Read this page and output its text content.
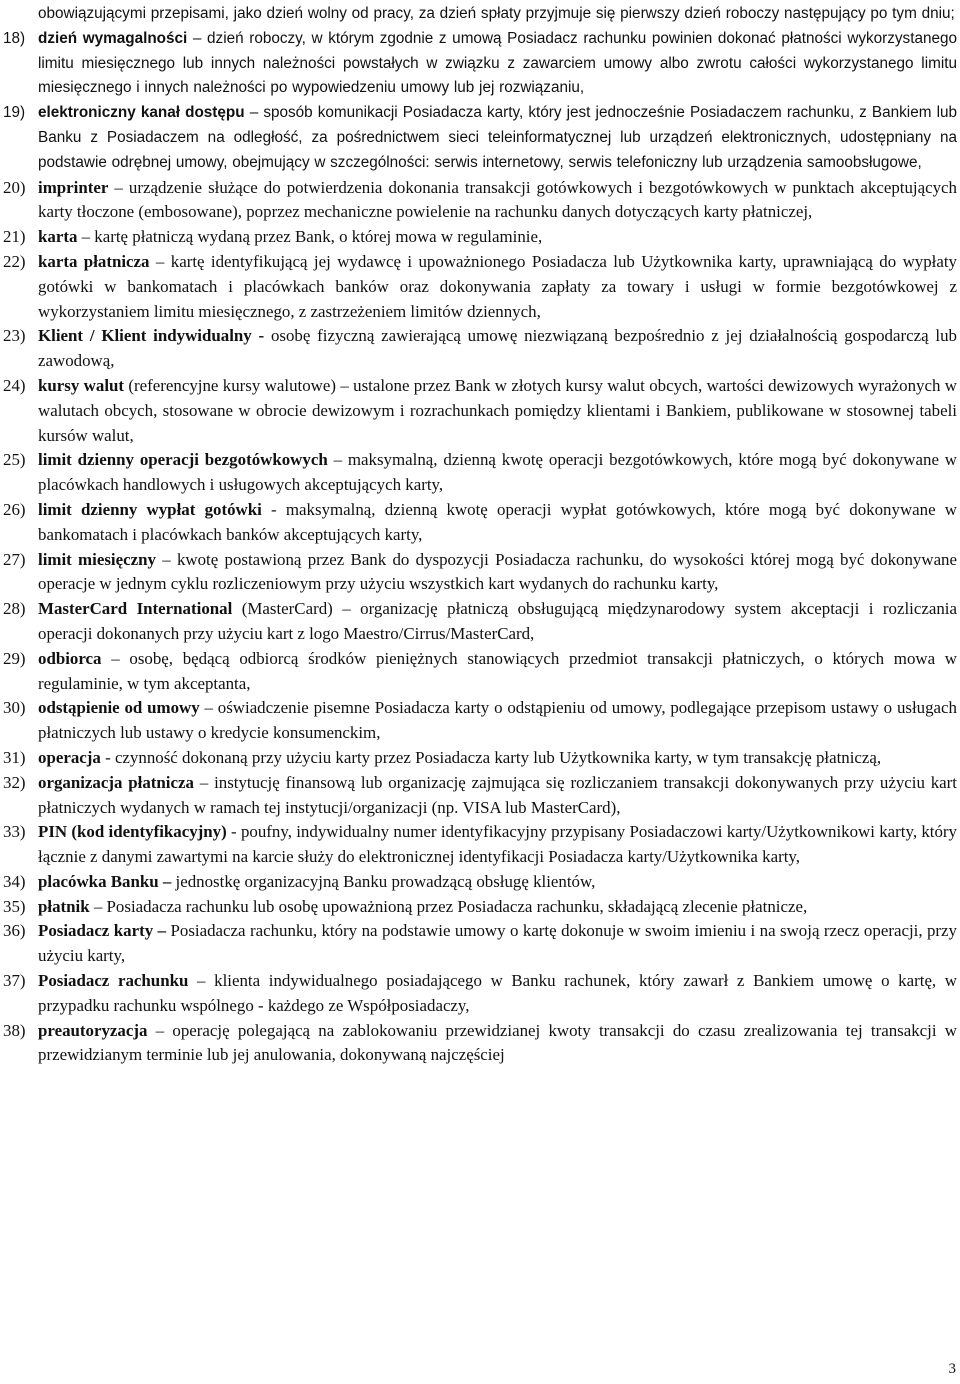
obowiązującymi przepisami, jako dzień wolny od pracy, za dzień spłaty przyjmuje się pierwszy dzień roboczy następujący po tym dniu;
18) dzień wymagalności – dzień roboczy, w którym zgodnie z umową Posiadacz rachunku powinien dokonać płatności wykorzystanego limitu miesięcznego lub innych należności powstałych w związku z zawarciem umowy albo zwrotu całości wykorzystanego limitu miesięcznego i innych należności po wypowiedzeniu umowy lub jej rozwiązaniu,
19) elektroniczny kanał dostępu – sposób komunikacji Posiadacza karty, który jest jednocześnie Posiadaczem rachunku, z Bankiem lub Banku z Posiadaczem na odległość, za pośrednictwem sieci teleinformatycznej lub urządzeń elektronicznych, udostępniany na podstawie odrębnej umowy, obejmujący w szczególności: serwis internetowy, serwis telefoniczny lub urządzenia samoobsługowe,
20) imprinter – urządzenie służące do potwierdzenia dokonania transakcji gotówkowych i bezgotówkowych w punktach akceptujących karty tłoczone (embosowane), poprzez mechaniczne powielenie na rachunku danych dotyczących karty płatniczej,
21) karta – kartę płatniczą wydaną przez Bank, o której mowa w regulaminie,
22) karta płatnicza – kartę identyfikującą jej wydawcę i upoważnionego Posiadacza lub Użytkownika karty, uprawniającą do wypłaty gotówki w bankomatach i placówkach banków oraz dokonywania zapłaty za towary i usługi w formie bezgotówkowej z wykorzystaniem limitu miesięcznego, z zastrzeżeniem limitów dziennych,
23) Klient / Klient indywidualny - osobę fizyczną zawierającą umowę niezwiązaną bezpośrednio z jej działalnością gospodarczą lub zawodową,
24) kursy walut (referencyjne kursy walutowe) – ustalone przez Bank w złotych kursy walut obcych, wartości dewizowych wyrażonych w walutach obcych, stosowane w obrocie dewizowym i rozrachunkach pomiędzy klientami i Bankiem, publikowane w stosownej tabeli kursów walut,
25) limit dzienny operacji bezgotówkowych – maksymalną, dzienną kwotę operacji bezgotówkowych, które mogą być dokonywane w placówkach handlowych i usługowych akceptujących karty,
26) limit dzienny wypłat gotówki - maksymalną, dzienną kwotę operacji wypłat gotówkowych, które mogą być dokonywane w bankomatach i placówkach banków akceptujących karty,
27) limit miesięczny – kwotę postawioną przez Bank do dyspozycji Posiadacza rachunku, do wysokości której mogą być dokonywane operacje w jednym cyklu rozliczeniowym przy użyciu wszystkich kart wydanych do rachunku karty,
28) MasterCard International (MasterCard) – organizację płatniczą obsługującą międzynarodowy system akceptacji i rozliczania operacji dokonanych przy użyciu kart z logo Maestro/Cirrus/MasterCard,
29) odbiorca – osobę, będącą odbiorcą środków pieniężnych stanowiących przedmiot transakcji płatniczych, o których mowa w regulaminie, w tym akceptanta,
30) odstąpienie od umowy – oświadczenie pisemne Posiadacza karty o odstąpieniu od umowy, podlegające przepisom ustawy o usługach płatniczych lub ustawy o kredycie konsumenckim,
31) operacja - czynność dokonaną przy użyciu karty przez Posiadacza karty lub Użytkownika karty, w tym transakcję płatniczą,
32) organizacja płatnicza – instytucję finansową lub organizację zajmująca się rozliczaniem transakcji dokonywanych przy użyciu kart płatniczych wydanych w ramach tej instytucji/organizacji (np. VISA lub MasterCard),
33) PIN (kod identyfikacyjny) - poufny, indywidualny numer identyfikacyjny przypisany Posiadaczowi karty/Użytkownikowi karty, który łącznie z danymi zawartymi na karcie służy do elektronicznej identyfikacji Posiadacza karty/Użytkownika karty,
34) placówka Banku – jednostkę organizacyjną Banku prowadzącą obsługę klientów,
35) płatnik – Posiadacza rachunku lub osobę upoważnioną przez Posiadacza rachunku, składającą zlecenie płatnicze,
36) Posiadacz karty – Posiadacza rachunku, który na podstawie umowy o kartę dokonuje w swoim imieniu i na swoją rzecz operacji, przy użyciu karty,
37) Posiadacz rachunku – klienta indywidualnego posiadającego w Banku rachunek, który zawarł z Bankiem umowę o kartę, w przypadku rachunku wspólnego - każdego ze Współposiadaczy,
38) preautoryzacja – operację polegającą na zablokowaniu przewidzianej kwoty transakcji do czasu zrealizowania tej transakcji w przewidzianym terminie lub jej anulowania, dokonywaną najczęściej
3
